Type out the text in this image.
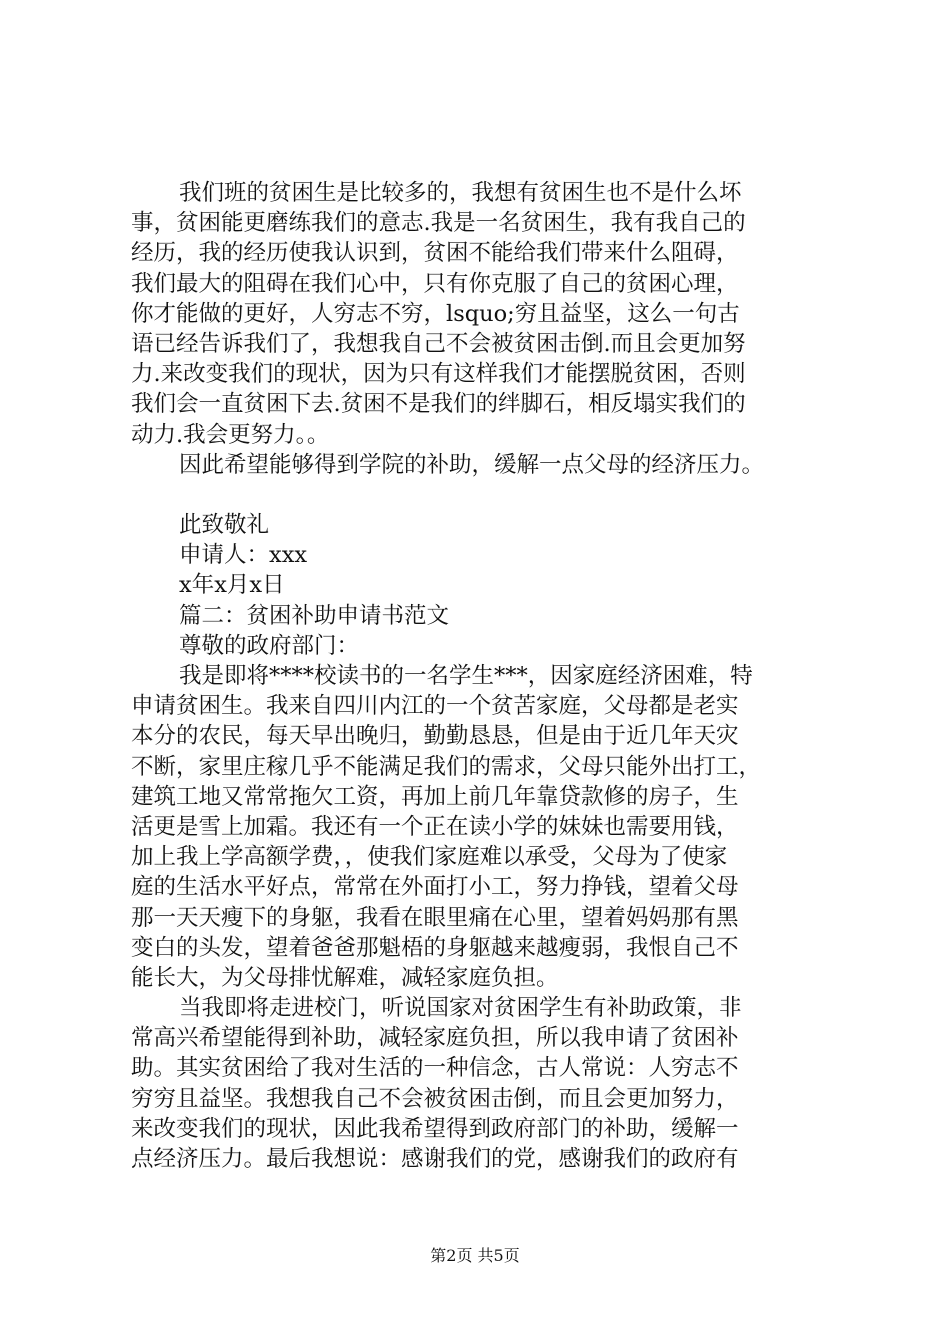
我们班的贫困生是比较多的，我想有贫困生也不是什么坏
事，贫困能更磨练我们的意志.我是一名贫困生，我有我自己的
经历，我的经历使我认识到，贫困不能给我们带来什么阻碍，
我们最大的阻碍在我们心中，只有你克服了自己的贫困心理，
你才能做的更好，人穷志不穷，lsquo;穷且益坚，这么一句古
语已经告诉我们了，我想我自己不会被贫困击倒.而且会更加努
力.来改变我们的现状，因为只有这样我们才能摆脱贫困，否则
我们会一直贫困下去.贫困不是我们的绊脚石，相反塌实我们的
动力.我会更努力。。
因此希望能够得到学院的补助，缓解一点父母的经济压力。
此致敬礼
申请人：xxx
x年x月x日
篇二：贫困补助申请书范文
尊敬的政府部门：
我是即将****校读书的一名学生***，因家庭经济困难，特
申请贫困生。我来自四川内江的一个贫苦家庭，父母都是老实
本分的农民，每天早出晚归，勤勤恳恳，但是由于近几年天灾
不断，家里庄稼几乎不能满足我们的需求，父母只能外出打工，
建筑工地又常常拖欠工资，再加上前几年靠贷款修的房子，生
活更是雪上加霜。我还有一个正在读小学的妹妹也需要用钱，
加上我上学高额学费，，使我们家庭难以承受，父母为了使家
庭的生活水平好点，常常在外面打小工，努力挣钱，望着父母
那一天天瘦下的身躯，我看在眼里痛在心里，望着妈妈那有黑
变白的头发，望着爸爸那魁梧的身躯越来越瘦弱，我恨自己不
能长大，为父母排忧解难，减轻家庭负担。
当我即将走进校门，听说国家对贫困学生有补助政策，非
常高兴希望能得到补助，减轻家庭负担，所以我申请了贫困补
助。其实贫困给了我对生活的一种信念，古人常说：人穷志不
穷穷且益坚。我想我自己不会被贫困击倒，而且会更加努力，
来改变我们的现状，因此我希望得到政府部门的补助，缓解一
点经济压力。最后我想说：感谢我们的党，感谢我们的政府有
第2页 共5页
